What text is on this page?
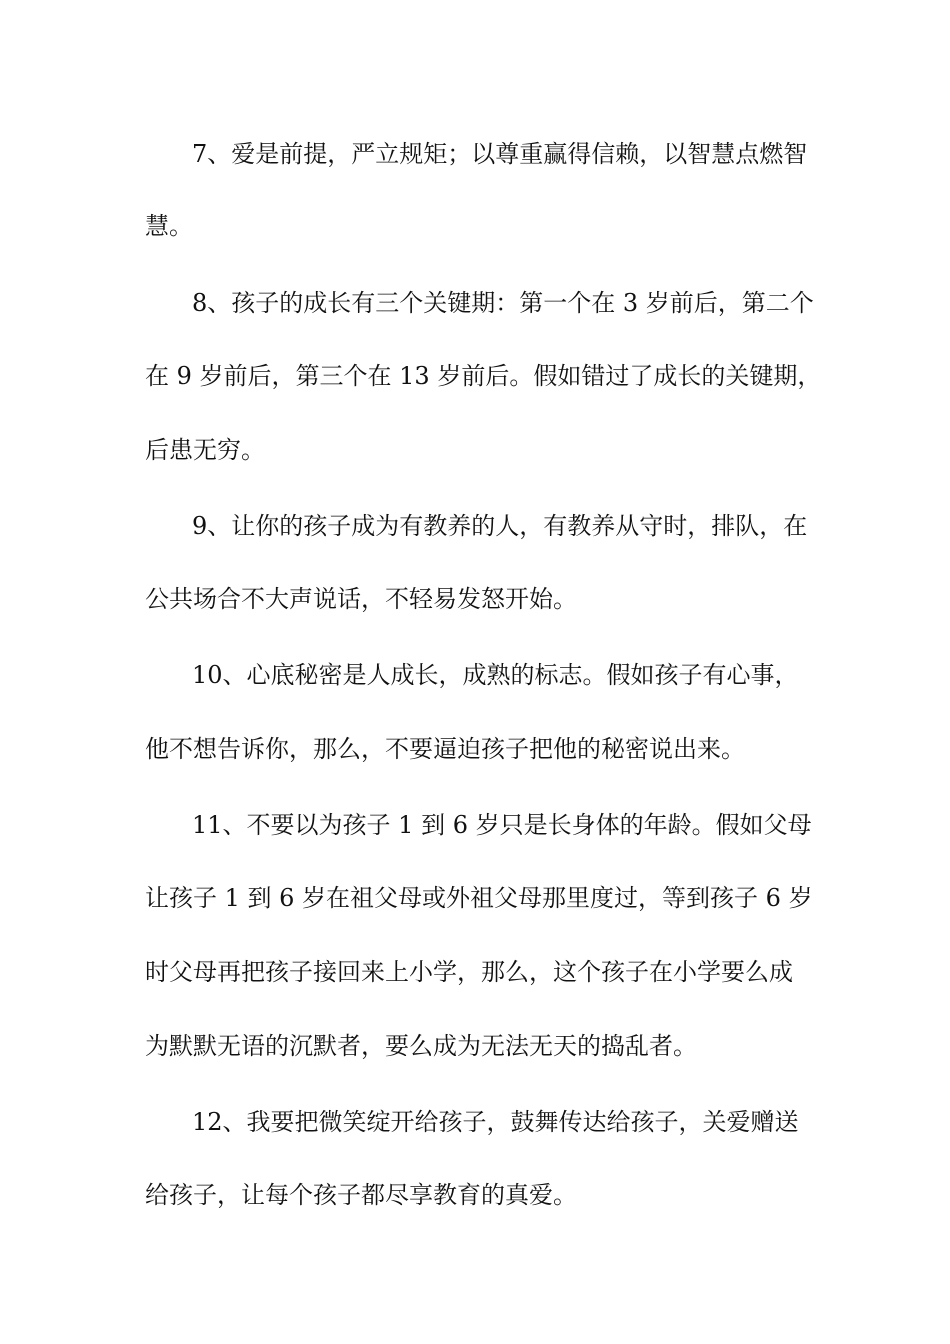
7、爱是前提，严立规矩；以尊重赢得信赖，以智慧点燃智
慧。
8、孩子的成长有三个关键期：第一个在 3 岁前后，第二个
在 9 岁前后，第三个在 13 岁前后。假如错过了成长的关键期，
后患无穷。
9、让你的孩子成为有教养的人，有教养从守时，排队，在
公共场合不大声说话，不轻易发怒开始。
10、心底秘密是人成长，成熟的标志。假如孩子有心事，
他不想告诉你，那么，不要逼迫孩子把他的秘密说出来。
11、不要以为孩子 1 到 6 岁只是长身体的年龄。假如父母
让孩子 1 到 6 岁在祖父母或外祖父母那里度过，等到孩子 6 岁
时父母再把孩子接回来上小学，那么，这个孩子在小学要么成
为默默无语的沉默者，要么成为无法无天的捣乱者。
12、我要把微笑绽开给孩子，鼓舞传达给孩子，关爱赠送
给孩子，让每个孩子都尽享教育的真爱。
